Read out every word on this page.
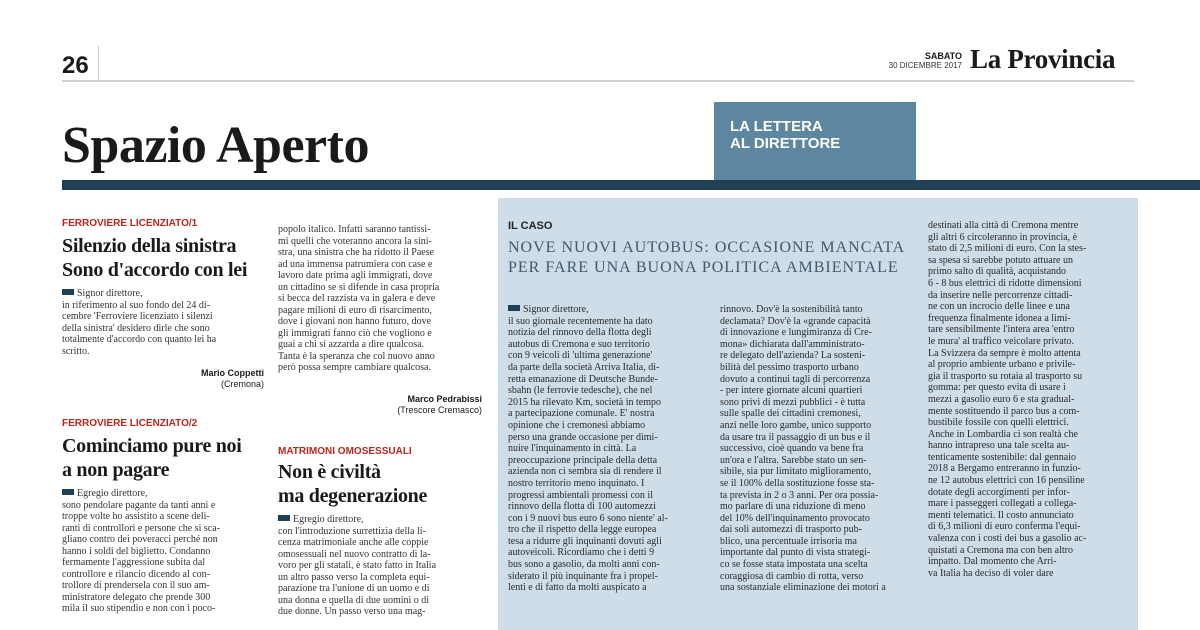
26	SABATO
30 DICEMBRE 2017 La Provincia
Spazio Aperto	LA LETTERA
AL DIRETTORE
FERROVIERE LICENZIATO/1
Silenzio della sinistra
Sono d'accordo con lei
Signor direttore,
in riferimento al suo fondo del 24 di-
cembre 'Ferroviere licenziato i silenzi
della sinistra' desidero dirle che sono
totalmente d'accordo con quanto lei ha
scritto.
Mario Coppetti
(Cremona)
popolo italico. Infatti saranno tantissi-
mi quelli che voteranno ancora la sini-
stra, una sinistra che ha ridotto il Paese
ad una immensa patrumiera con case e
lavoro date prima agli immigrati, dove
un cittadino se si difende in casa propria
si becca del razzista va in galera e deve
pagare milioni di euro di risarcimento,
dove i giovani non hanno futuro, dove
gli immigrati fanno ciò che vogliono e
guai a chi si azzarda a dire qualcosa.
Tanta è la speranza che col nuovo anno
però possa sempre cambiare qualcosa.
Marco Pedrabissi
(Trescore Cremasco)
FERROVIERE LICENZIATO/2
Cominciamo pure noi
a non pagare
Egregio direttore,
sono pendolare pagante da tanti anni e
troppe volte ho assistito a scene deli-
ranti di controllori e persone che si sca-
gliano contro dei poveracci perché non
hanno i soldi del biglietto. Condanno
fermamente l'aggressione subita dal
controllore e rilancio dicendo al con-
trollore di prendersela con il suo am-
ministratore delegato che prende 300
mila il suo stipendio e non con i poco-
MATRIMONI OMOSESSUALI
Non è civiltà
ma degenerazione
Egregio direttore,
con l'introduzione surrettizia della li-
cenza matrimoniale anche alle coppie
omosessuali nel nuovo contratto di la-
voro per gli statali, è stato fatto in Italia
un altro passo verso la completa equi-
parazione tra l'unione di un uomo e di
una donna e quella di due uomini o di
due donne. Un passo verso una mag-
IL CASO
NOVE NUOVI AUTOBUS: OCCASIONE MANCATA
PER FARE UNA BUONA POLITICA AMBIENTALE
Signor direttore,
il suo giornale recentemente ha dato
notizia del rinnovo della flotta degli
autobus di Cremona e suo territorio
con 9 veicoli di 'ultima generazione'
da parte della società Arriva Italia, di-
retta emanazione di Deutsche Bunde-
sbahn (le ferrovie tedesche), che nel
2015 ha rilevato Km, società in tempo
a partecipazione comunale. E' nostra
opinione che i cremonesi abbiamo
perso una grande occasione per dimi-
nuire l'inquinamento in città. La
preoccupazione principale della detta
azienda non ci sembra sia di rendere il
nostro territorio meno inquinato. I
progressi ambientali promessi con il
rinnovo della flotta di 100 automezzi
con i 9 nuovi bus euro 6 sono niente' al-
tro che il rispetto della legge europea
tesa a ridurre gli inquinanti dovuti agli
autoveicoli. Ricordiamo che i detti 9
bus sono a gasolio, da molti anni con-
siderato il più inquinante fra i propel-
lenti e di fatto da molti auspicato a
rinnovo. Dov'è la sostenibilità tanto
declamata? Dov'è la «grande capacità
di innovazione e lungimiranza di Cre-
mona» dichiarata dall'amministrato-
re delegato dell'azienda? La sosteni-
bilità del pessimo trasporto urbano
dovuto a continui tagli di percorrenza
- per intere giornate alcuni quartieri
sono privi di mezzi pubblici - è tutta
sulle spalle dei cittadini cremonesi,
anzi nelle loro gambe, unico supporto
da usare tra il passaggio di un bus e il
successivo, cioè quando va bene fra
un'ora e l'altra. Sarebbe stato un sen-
sibile, sia pur limitato miglioramento,
se il 100% della sostituzione fosse sta-
ta prevista in 2 o 3 anni. Per ora possia-
mo parlare di una riduzione di meno
del 10% dell'inquinamento provocato
dai soli automezzi di trasporto pub-
blico, una percentuale irrisoria ma
importante dal punto di vista strategi-
co se fosse stata impostata una scelta
coraggiosa di cambio di rotta, verso
una sostanziale eliminazione dei motori a
destinati alla città di Cremona mentre
gli altri 6 circoleranno in provincia, è
stato di 2,5 milioni di euro. Con la stes-
sa spesa si sarebbe potuto attuare un
primo salto di qualità, acquistando
6 - 8 bus elettrici di ridotte dimensioni
da inserire nelle percorrenze cittadi-
ne con un incrocio delle linee e una
frequenza finalmente idonea a limi-
tare sensibilmente l'intera area 'entro
le mura' al traffico veicolare privato.
La Svizzera da sempre è molto attenta
al proprio ambiente urbano e privile-
gia il trasporto su rotaia al trasporto su
gomma: per questo evita di usare i
mezzi a gasolio euro 6 e sta gradual-
mente sostituendo il parco bus a com-
bustibile fossile con quelli elettrici.
Anche in Lombardia ci son realtà che
hanno intrapreso una tale scelta au-
tenticamente sostenibile: dal gennaio
2018 a Bergamo entreranno in funzio-
ne 12 autobus elettrici con 16 pensiline
dotate degli accorgimenti per infor-
mare i passeggeri collegati a collega-
menti telematici. Il costo annunciato
di 6,3 milioni di euro conferma l'equi-
valenza con i costi dei bus a gasolio ac-
quistati a Cremona ma con ben altro
impatto. Dal momento che Arri-
va Italia ha deciso di voler dare
